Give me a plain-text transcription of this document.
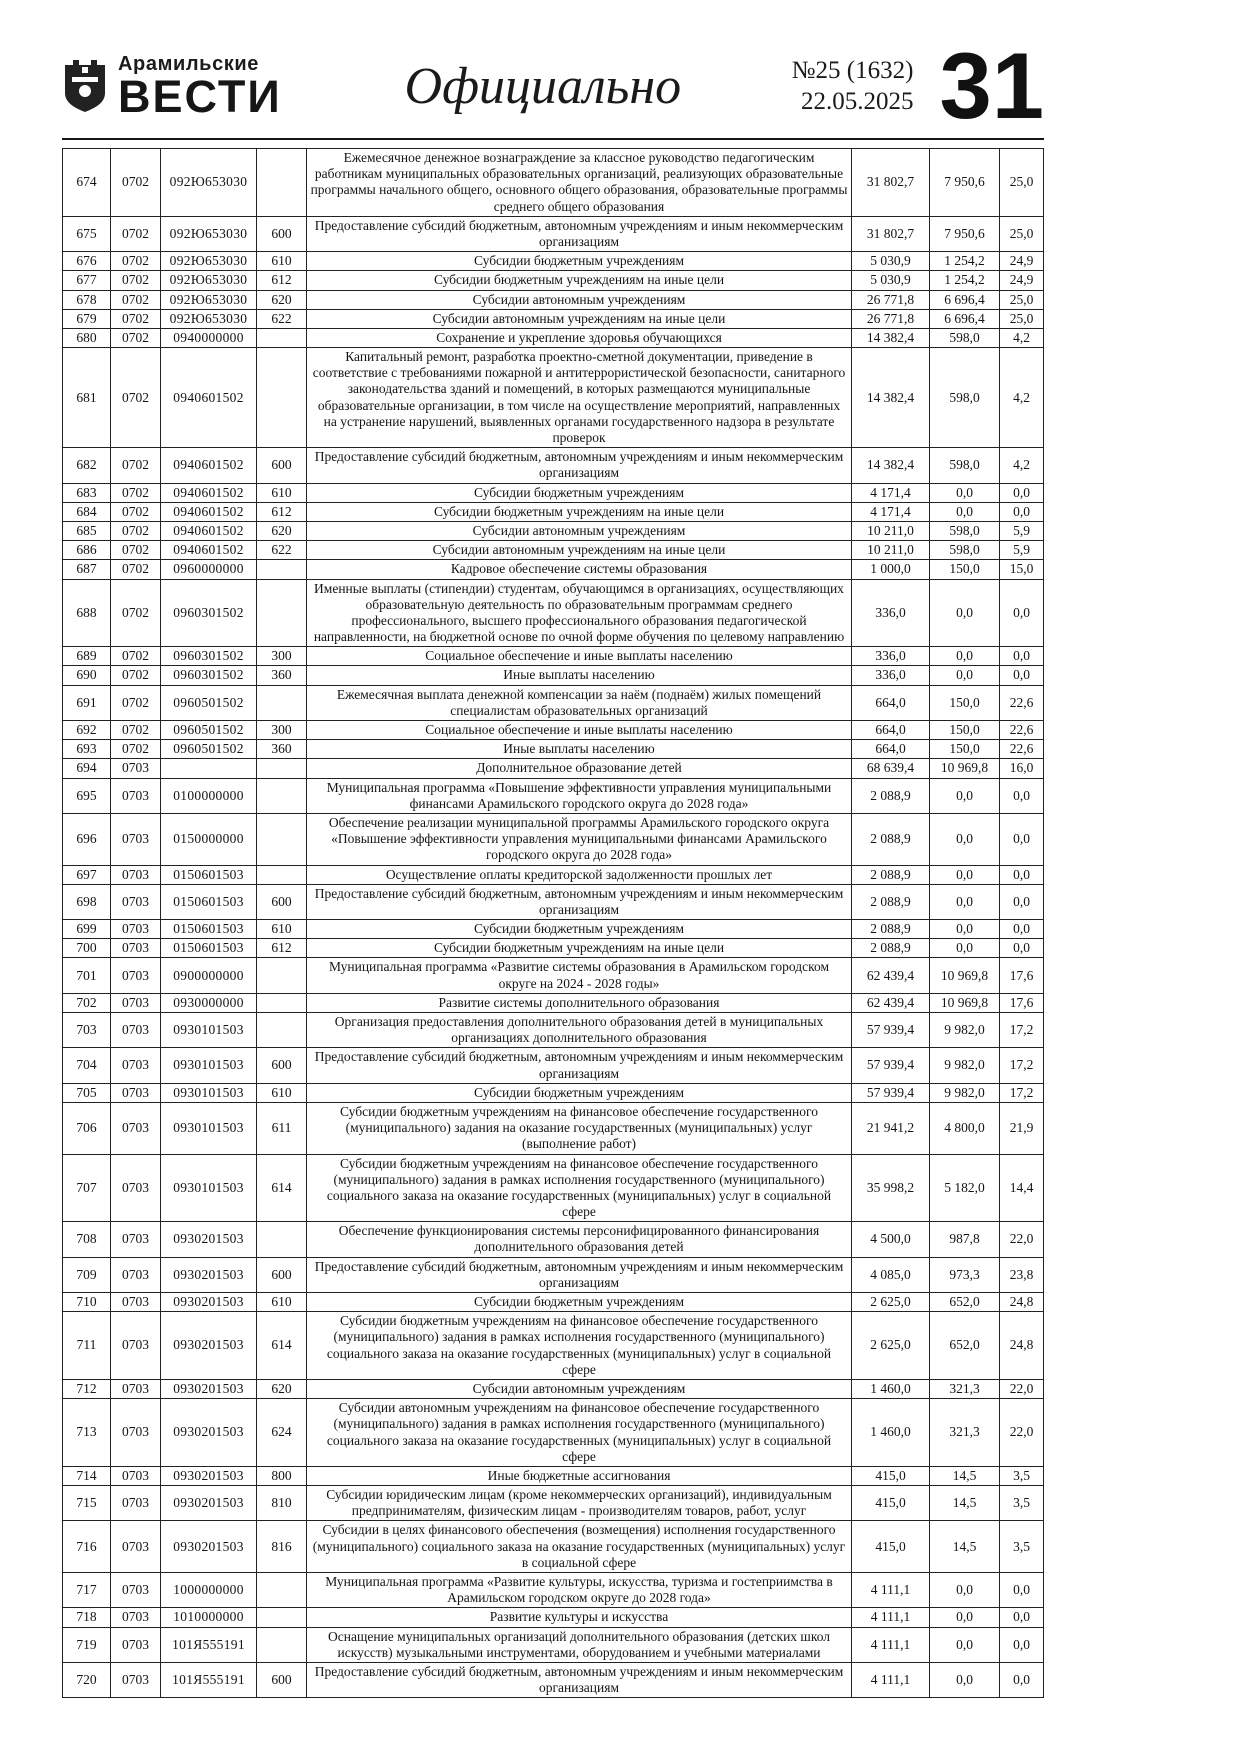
Арамильские
ВЕСТИ	Официально	№25 (1632)
22.05.2025 31
674	0702	092Ю653030		Ежемесячное денежное вознаграждение за классное руководство педагогическим работникам муниципальных образовательных организаций, реализующих образовательные программы начального общего, основного общего образования, образовательные программы среднего общего образования	31 802,7	7 950,6	25,0
675	0702	092Ю653030	600	Предоставление субсидий бюджетным, автономным учреждениям и иным некоммерческим организациям	31 802,7	7 950,6	25,0
676	0702	092Ю653030	610	Субсидии бюджетным учреждениям	5 030,9	1 254,2	24,9
677	0702	092Ю653030	612	Субсидии бюджетным учреждениям на иные цели	5 030,9	1 254,2	24,9
678	0702	092Ю653030	620	Субсидии автономным учреждениям	26 771,8	6 696,4	25,0
679	0702	092Ю653030	622	Субсидии автономным учреждениям на иные цели	26 771,8	6 696,4	25,0
680	0702	0940000000		Сохранение и укрепление здоровья обучающихся	14 382,4	598,0	4,2
681	0702	0940601502		Капитальный ремонт, разработка проектно-сметной документации, приведение в соответствие с требованиями пожарной и антитеррористической безопасности, санитарного законодательства зданий и помещений, в которых размещаются муниципальные образовательные организации, в том числе на осуществление мероприятий, направленных на устранение нарушений, выявленных органами государственного надзора в результате проверок	14 382,4	598,0	4,2
682	0702	0940601502	600	Предоставление субсидий бюджетным, автономным учреждениям и иным некоммерческим организациям	14 382,4	598,0	4,2
683	0702	0940601502	610	Субсидии бюджетным учреждениям	4 171,4	0,0	0,0
684	0702	0940601502	612	Субсидии бюджетным учреждениям на иные цели	4 171,4	0,0	0,0
685	0702	0940601502	620	Субсидии автономным учреждениям	10 211,0	598,0	5,9
686	0702	0940601502	622	Субсидии автономным учреждениям на иные цели	10 211,0	598,0	5,9
687	0702	0960000000		Кадровое обеспечение системы образования	1 000,0	150,0	15,0
688	0702	0960301502		Именные выплаты (стипендии) студентам, обучающимся в организациях, осуществляющих образовательную деятельность по образовательным программам среднего профессионального, высшего профессионального образования педагогической направленности, на бюджетной основе по очной форме обучения по целевому направлению	336,0	0,0	0,0
689	0702	0960301502	300	Социальное обеспечение и иные выплаты населению	336,0	0,0	0,0
690	0702	0960301502	360	Иные выплаты населению	336,0	0,0	0,0
691	0702	0960501502		Ежемесячная выплата денежной компенсации за наём (поднаём) жилых помещений специалистам образовательных организаций	664,0	150,0	22,6
692	0702	0960501502	300	Социальное обеспечение и иные выплаты населению	664,0	150,0	22,6
693	0702	0960501502	360	Иные выплаты населению	664,0	150,0	22,6
694	0703			Дополнительное образование детей	68 639,4	10 969,8	16,0
695	0703	0100000000		Муниципальная программа «Повышение эффективности управления муниципальными финансами Арамильского городского округа до 2028 года»	2 088,9	0,0	0,0
696	0703	0150000000		Обеспечение реализации муниципальной программы Арамильского городского округа «Повышение эффективности управления муниципальными финансами Арамильского городского округа до 2028 года»	2 088,9	0,0	0,0
697	0703	0150601503		Осуществление оплаты кредиторской задолженности прошлых лет	2 088,9	0,0	0,0
698	0703	0150601503	600	Предоставление субсидий бюджетным, автономным учреждениям и иным некоммерческим организациям	2 088,9	0,0	0,0
699	0703	0150601503	610	Субсидии бюджетным учреждениям	2 088,9	0,0	0,0
700	0703	0150601503	612	Субсидии бюджетным учреждениям на иные цели	2 088,9	0,0	0,0
701	0703	0900000000		Муниципальная программа «Развитие системы образования в Арамильском городском округе на 2024 - 2028 годы»	62 439,4	10 969,8	17,6
702	0703	0930000000		Развитие системы дополнительного образования	62 439,4	10 969,8	17,6
703	0703	0930101503		Организация предоставления дополнительного образования детей в муниципальных организациях дополнительного образования	57 939,4	9 982,0	17,2
704	0703	0930101503	600	Предоставление субсидий бюджетным, автономным учреждениям и иным некоммерческим организациям	57 939,4	9 982,0	17,2
705	0703	0930101503	610	Субсидии бюджетным учреждениям	57 939,4	9 982,0	17,2
706	0703	0930101503	611	Субсидии бюджетным учреждениям на финансовое обеспечение государственного (муниципального) задания на оказание государственных (муниципальных) услуг (выполнение работ)	21 941,2	4 800,0	21,9
707	0703	0930101503	614	Субсидии бюджетным учреждениям на финансовое обеспечение государственного (муниципального) задания в рамках исполнения государственного (муниципального) социального заказа на оказание государственных (муниципальных) услуг в социальной сфере	35 998,2	5 182,0	14,4
708	0703	0930201503		Обеспечение функционирования системы персонифицированного финансирования дополнительного образования детей	4 500,0	987,8	22,0
709	0703	0930201503	600	Предоставление субсидий бюджетным, автономным учреждениям и иным некоммерческим организациям	4 085,0	973,3	23,8
710	0703	0930201503	610	Субсидии бюджетным учреждениям	2 625,0	652,0	24,8
711	0703	0930201503	614	Субсидии бюджетным учреждениям на финансовое обеспечение государственного (муниципального) задания в рамках исполнения государственного (муниципального) социального заказа на оказание государственных (муниципальных) услуг в социальной сфере	2 625,0	652,0	24,8
712	0703	0930201503	620	Субсидии автономным учреждениям	1 460,0	321,3	22,0
713	0703	0930201503	624	Субсидии автономным учреждениям на финансовое обеспечение государственного (муниципального) задания в рамках исполнения государственного (муниципального) социального заказа на оказание государственных (муниципальных) услуг в социальной сфере	1 460,0	321,3	22,0
714	0703	0930201503	800	Иные бюджетные ассигнования	415,0	14,5	3,5
715	0703	0930201503	810	Субсидии юридическим лицам (кроме некоммерческих организаций), индивидуальным предпринимателям, физическим лицам - производителям товаров, работ, услуг	415,0	14,5	3,5
716	0703	0930201503	816	Субсидии в целях финансового обеспечения (возмещения) исполнения государственного (муниципального) социального заказа на оказание государственных (муниципальных) услуг в социальной сфере	415,0	14,5	3,5
717	0703	1000000000		Муниципальная программа «Развитие культуры, искусства, туризма и гостеприимства в Арамильском городском округе до 2028 года»	4 111,1	0,0	0,0
718	0703	1010000000		Развитие культуры и искусства	4 111,1	0,0	0,0
719	0703	101Я555191		Оснащение муниципальных организаций дополнительного образования (детских школ искусств) музыкальными инструментами, оборудованием и учебными материалами	4 111,1	0,0	0,0
720	0703	101Я555191	600	Предоставление субсидий бюджетным, автономным учреждениям и иным некоммерческим организациям	4 111,1	0,0	0,0
